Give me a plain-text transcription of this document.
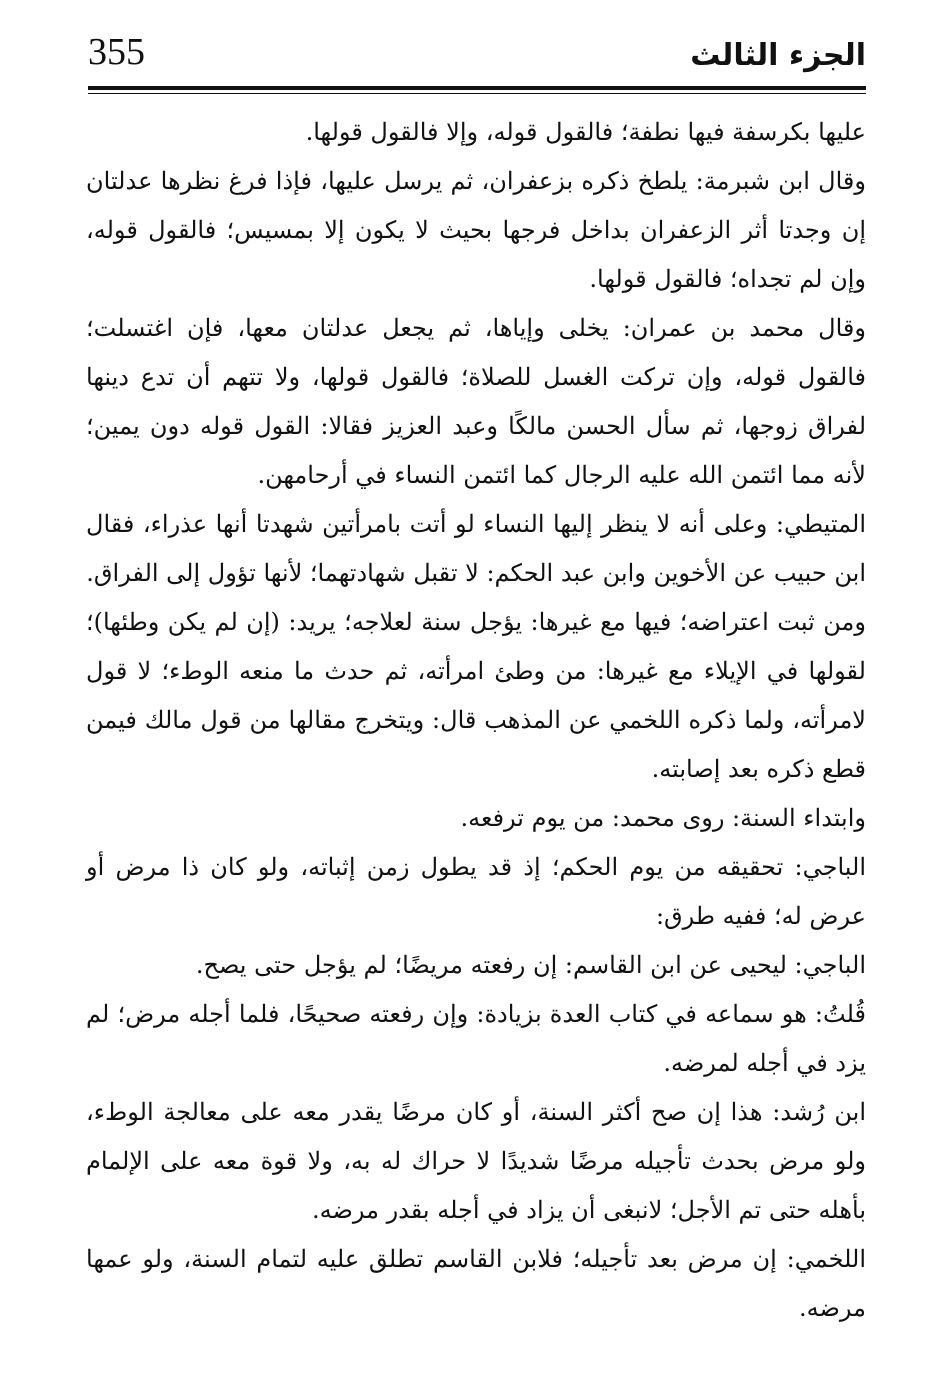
355	الجزء الثالث

عليها بكرسفة فيها نطفة؛ فالقول قوله، وإلا فالقول قولها.

وقال ابن شبرمة: يلطخ ذكره بزعفران، ثم يرسل عليها، فإذا فرغ نظرها عدلتان إن وجدتا أثر الزعفران بداخل فرجها بحيث لا يكون إلا بمسيس؛ فالقول قوله، وإن لم تجداه؛ فالقول قولها.

وقال محمد بن عمران: يخلى وإياها، ثم يجعل عدلتان معها، فإن اغتسلت؛ فالقول قوله، وإن تركت الغسل للصلاة؛ فالقول قولها، ولا تتهم أن تدع دينها لفراق زوجها، ثم سأل الحسن مالكًا وعبد العزيز فقالا: القول قوله دون يمين؛ لأنه مما ائتمن الله عليه الرجال كما ائتمن النساء في أرحامهن.

المتيطي: وعلى أنه لا ينظر إليها النساء لو أتت بامرأتين شهدتا أنها عذراء، فقال ابن حبيب عن الأخوين وابن عبد الحكم: لا تقبل شهادتهما؛ لأنها تؤول إلى الفراق.

ومن ثبت اعتراضه؛ فيها مع غيرها: يؤجل سنة لعلاجه؛ يريد: (إن لم يكن وطئها)؛ لقولها في الإيلاء مع غيرها: من وطئ امرأته، ثم حدث ما منعه الوطء؛ لا قول لامرأته، ولما ذكره اللخمي عن المذهب قال: ويتخرج مقالها من قول مالك فيمن قطع ذكره بعد إصابته.

وابتداء السنة: روى محمد: من يوم ترفعه.

الباجي: تحقيقه من يوم الحكم؛ إذ قد يطول زمن إثباته، ولو كان ذا مرض أو عرض له؛ ففيه طرق:

الباجي: ليحيى عن ابن القاسم: إن رفعته مريضًا؛ لم يؤجل حتى يصح.

قُلتُ: هو سماعه في كتاب العدة بزيادة: وإن رفعته صحيحًا، فلما أجله مرض؛ لم يزد في أجله لمرضه.

ابن رُشد: هذا إن صح أكثر السنة، أو كان مرضًا يقدر معه على معالجة الوطء، ولو مرض بحدث تأجيله مرضًا شديدًا لا حراك له به، ولا قوة معه على الإلمام بأهله حتى تم الأجل؛ لانبغى أن يزاد في أجله بقدر مرضه.

اللخمي: إن مرض بعد تأجيله؛ فلابن القاسم تطلق عليه لتمام السنة، ولو عمها مرضه.
